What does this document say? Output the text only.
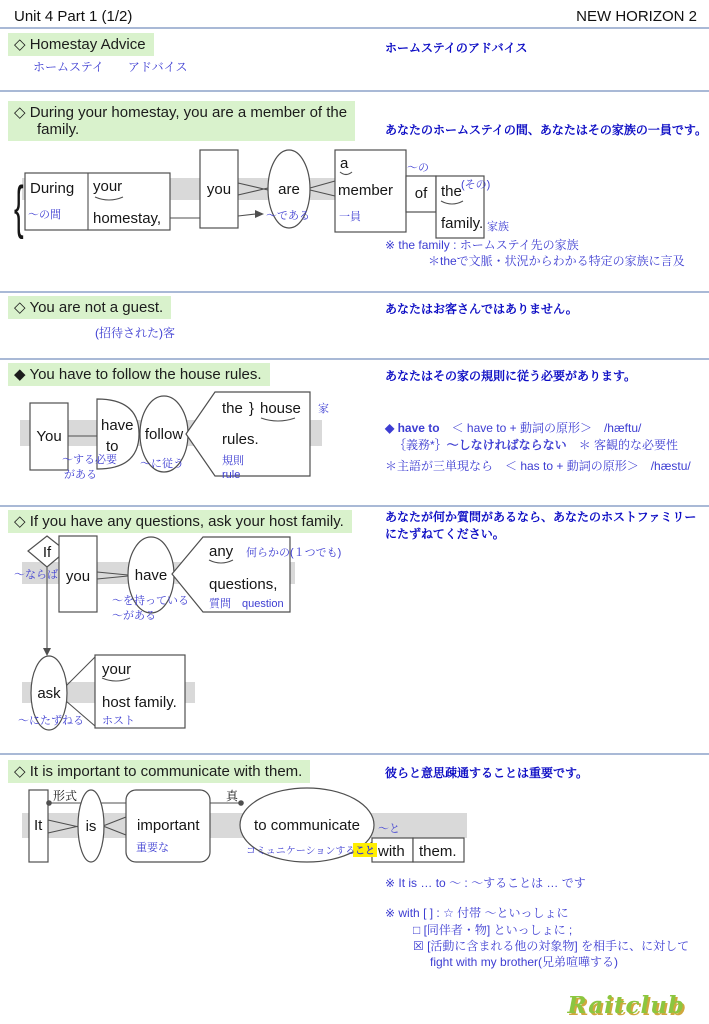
Unit 4 Part 1 (1/2)	NEW HORIZON 2
◇ Homestay Advice	ホームステイのアドバイス
ホームステイ　　アドバイス
◇ During your homestay, you are a member of the
family.	あなたのホームステイの間、あなたはその家族の一員です。
{ During
〜の間
your
homestay,
you	are
〜である
a
member
一員
〜の
of the (その)
family. 家族
※ the family : ホームステイ先の家族
＊theで文脈・状況からわかる特定の家族に言及
◇ You are not a guest.	あなたはお客さんではありません。
(招待された)客
◆ You have to follow the house rules.	あなたはその家の規則に従う必要があります。
You
have
to
〜する必要
がある
follow
〜に従う
the } house 家
rules.
規則
rule
◆ have to　 ＜ have to + 動詞の原形＞　/hæftu/
｛義務*｝〜しなければならない　 ＊ 客観的な必要性
＊主語が三単現なら　＜ has to + 動詞の原形＞　/hæstu/
◇ If you have any questions, ask your host family.	あなたが何か質問があるなら、あなたのホストファミリーにたずねてください。
If
〜ならば you	have
〜を持っている
〜がある
any 何らかの(１つでも)
questions,
質問　question
ask
〜にたずねる
your
host family.
ホスト
◇ It is important to communicate with them.	彼らと意思疎通することは重要です。
It
形式
is	important
重要な
真
to communicate
コミュニケーションする こと
〜と
with them.
※ It is … to 〜 : 〜することは … です
※ with [ ] : ☆ 付帯 〜といっしょに
□ [同伴者・物] といっしょに ;
☒ [活動に含まれる他の対象物] を相手に、に対して
fight with my brother(兄弟喧嘩する)
Raitclub
